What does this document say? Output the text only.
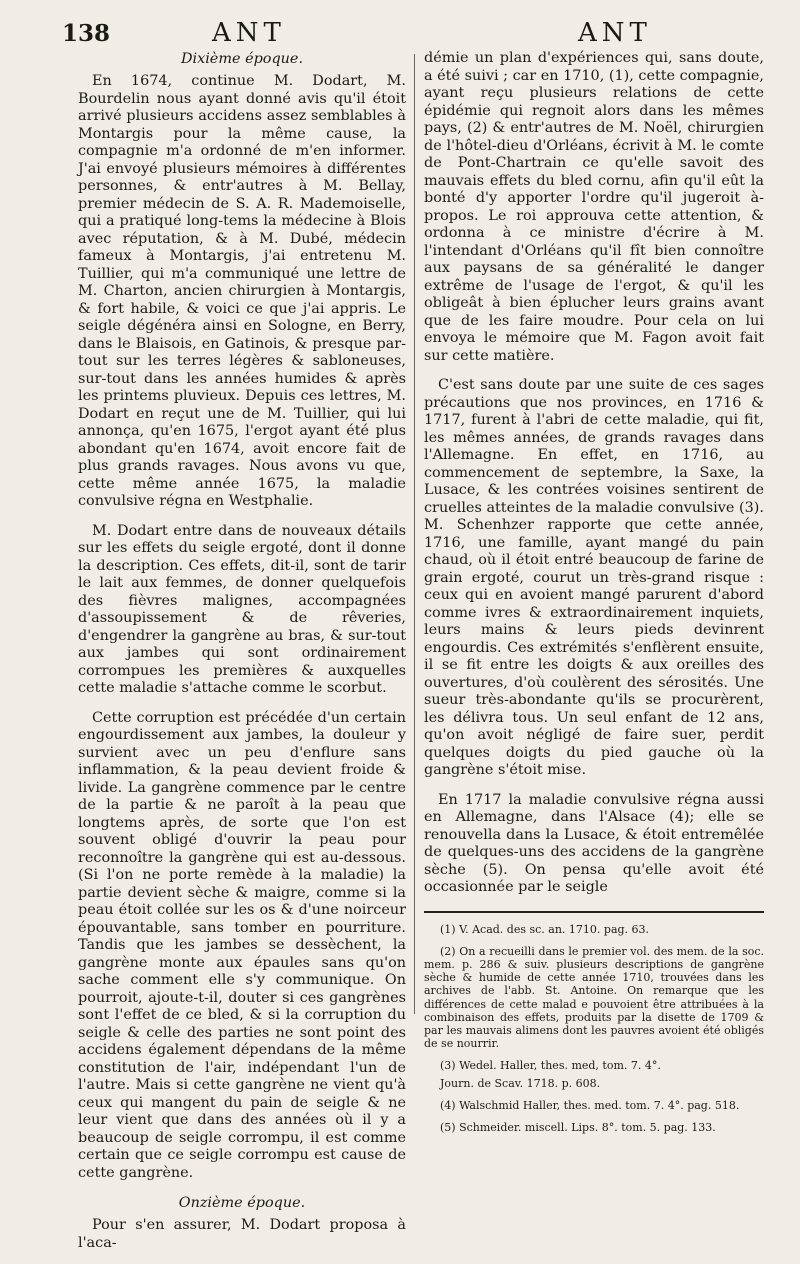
138	ANT	ANT
Dixième époque.

En 1674, continue M. Dodart, M. Bourdelin nous ayant donné avis qu'il étoit arrivé plusieurs accidens assez semblables à Montargis pour la même cause, la compagnie m'a ordonné de m'en informer. J'ai envoyé plusieurs mémoires à différentes personnes, & entr'autres à M. Bellay, premier médecin de S. A. R. Mademoiselle, qui a pratiqué long-tems la médecine à Blois avec réputation, & à M. Dubé, médecin fameux à Montargis, j'ai entretenu M. Tuillier, qui m'a communiqué une lettre de M. Charton, ancien chirurgien à Montargis, & fort habile, & voici ce que j'ai appris. Le seigle dégénéra ainsi en Sologne, en Berry, dans le Blaisois, en Gatinois, & presque par-tout sur les terres légères & sabloneuses, sur-tout dans les années humides & après les printems pluvieux. Depuis ces lettres, M. Dodart en reçut une de M. Tuillier, qui lui annonça, qu'en 1675, l'ergot ayant été plus abondant qu'en 1674, avoit encore fait de plus grands ravages. Nous avons vu que, cette même année 1675, la maladie convulsive régna en Westphalie.

M. Dodart entre dans de nouveaux détails sur les effets du seigle ergoté, dont il donne la description. Ces effets, dit-il, sont de tarir le lait aux femmes, de donner quelquefois des fièvres malignes, accompagnées d'assoupissement & de rêveries, d'engendrer la gangrène au bras, & sur-tout aux jambes qui sont ordinairement corrompues les premières & auxquelles cette maladie s'attache comme le scorbut.

Cette corruption est précédée d'un certain engourdissement aux jambes, la douleur y survient avec un peu d'enflure sans inflammation, & la peau devient froide & livide. La gangrène commence par le centre de la partie & ne paroît à la peau que longtems après, de sorte que l'on est souvent obligé d'ouvrir la peau pour reconnoître la gangrène qui est au-dessous. (Si l'on ne porte remède à la maladie) la partie devient sèche & maigre, comme si la peau étoit collée sur les os & d'une noirceur épouvantable, sans tomber en pourriture. Tandis que les jambes se dessèchent, la gangrène monte aux épaules sans qu'on sache comment elle s'y communique. On pourroit, ajoute-t-il, douter si ces gangrènes sont l'effet de ce bled, & si la corruption du seigle & celle des parties ne sont point des accidens également dépendans de la même constitution de l'air, indépendant l'un de l'autre. Mais si cette gangrène ne vient qu'à ceux qui mangent du pain de seigle & ne leur vient que dans des années où il y a beaucoup de seigle corrompu, il est comme certain que ce seigle corrompu est cause de cette gangrène.

Onzième époque.

Pour s'en assurer, M. Dodart proposa à l'aca-

démie un plan d'expériences qui, sans doute, a été suivi ; car en 1710, (1), cette compagnie, ayant reçu plusieurs relations de cette épidémie qui regnoit alors dans les mêmes pays, (2) & entr'autres de M. Noël, chirurgien de l'hôtel-dieu d'Orléans, écrivit à M. le comte de Pont-Chartrain ce qu'elle savoit des mauvais effets du bled cornu, afin qu'il eût la bonté d'y apporter l'ordre qu'il jugeroit à-propos. Le roi approuva cette attention, & ordonna à ce ministre d'écrire à M. l'intendant d'Orléans qu'il fît bien connoître aux paysans de sa généralité le danger extrême de l'usage de l'ergot, & qu'il les obligeât à bien éplucher leurs grains avant que de les faire moudre. Pour cela on lui envoya le mémoire que M. Fagon avoit fait sur cette matière.

C'est sans doute par une suite de ces sages précautions que nos provinces, en 1716 & 1717, furent à l'abri de cette maladie, qui fit, les mêmes années, de grands ravages dans l'Allemagne. En effet, en 1716, au commencement de septembre, la Saxe, la Lusace, & les contrées voisines sentirent de cruelles atteintes de la maladie convulsive (3). M. Schenhzer rapporte que cette année, 1716, une famille, ayant mangé du pain chaud, où il étoit entré beaucoup de farine de grain ergoté, courut un très-grand risque : ceux qui en avoient mangé parurent d'abord comme ivres & extraordinairement inquiets, leurs mains & leurs pieds devinrent engourdis. Ces extrémités s'enflèrent ensuite, il se fit entre les doigts & aux oreilles des ouvertures, d'où coulèrent des sérosités. Une sueur très-abondante qu'ils se procurèrent, les délivra tous. Un seul enfant de 12 ans, qu'on avoit négligé de faire suer, perdit quelques doigts du pied gauche où la gangrène s'étoit mise.

En 1717 la maladie convulsive régna aussi en Allemagne, dans l'Alsace (4); elle se renouvella dans la Lusace, & étoit entremêlée de quelques-uns des accidens de la gangrène sèche (5). On pensa qu'elle avoit été occasionnée par le seigle

(1) V. Acad. des sc. an. 1710. pag. 63.

(2) On a recueilli dans le premier vol. des mem. de la soc. mem. p. 286 & suiv. plusieurs descriptions de gangrène sèche & humide de cette année 1710, trouvées dans les archives de l'abb. St. Antoine. On remarque que les différences de cette malad e pouvoient être attribuées à la combinaison des effets, produits par la disette de 1709 & par les mauvais alimens dont les pauvres avoient été obligés de se nourrir.

(3) Wedel. Haller, thes. med, tom. 7. 4°.

Journ. de Scav. 1718. p. 608.

(4) Walschmid Haller, thes. med. tom. 7. 4°. pag. 518.

(5) Schmeider. miscell. Lips. 8°. tom. 5. pag. 133.
